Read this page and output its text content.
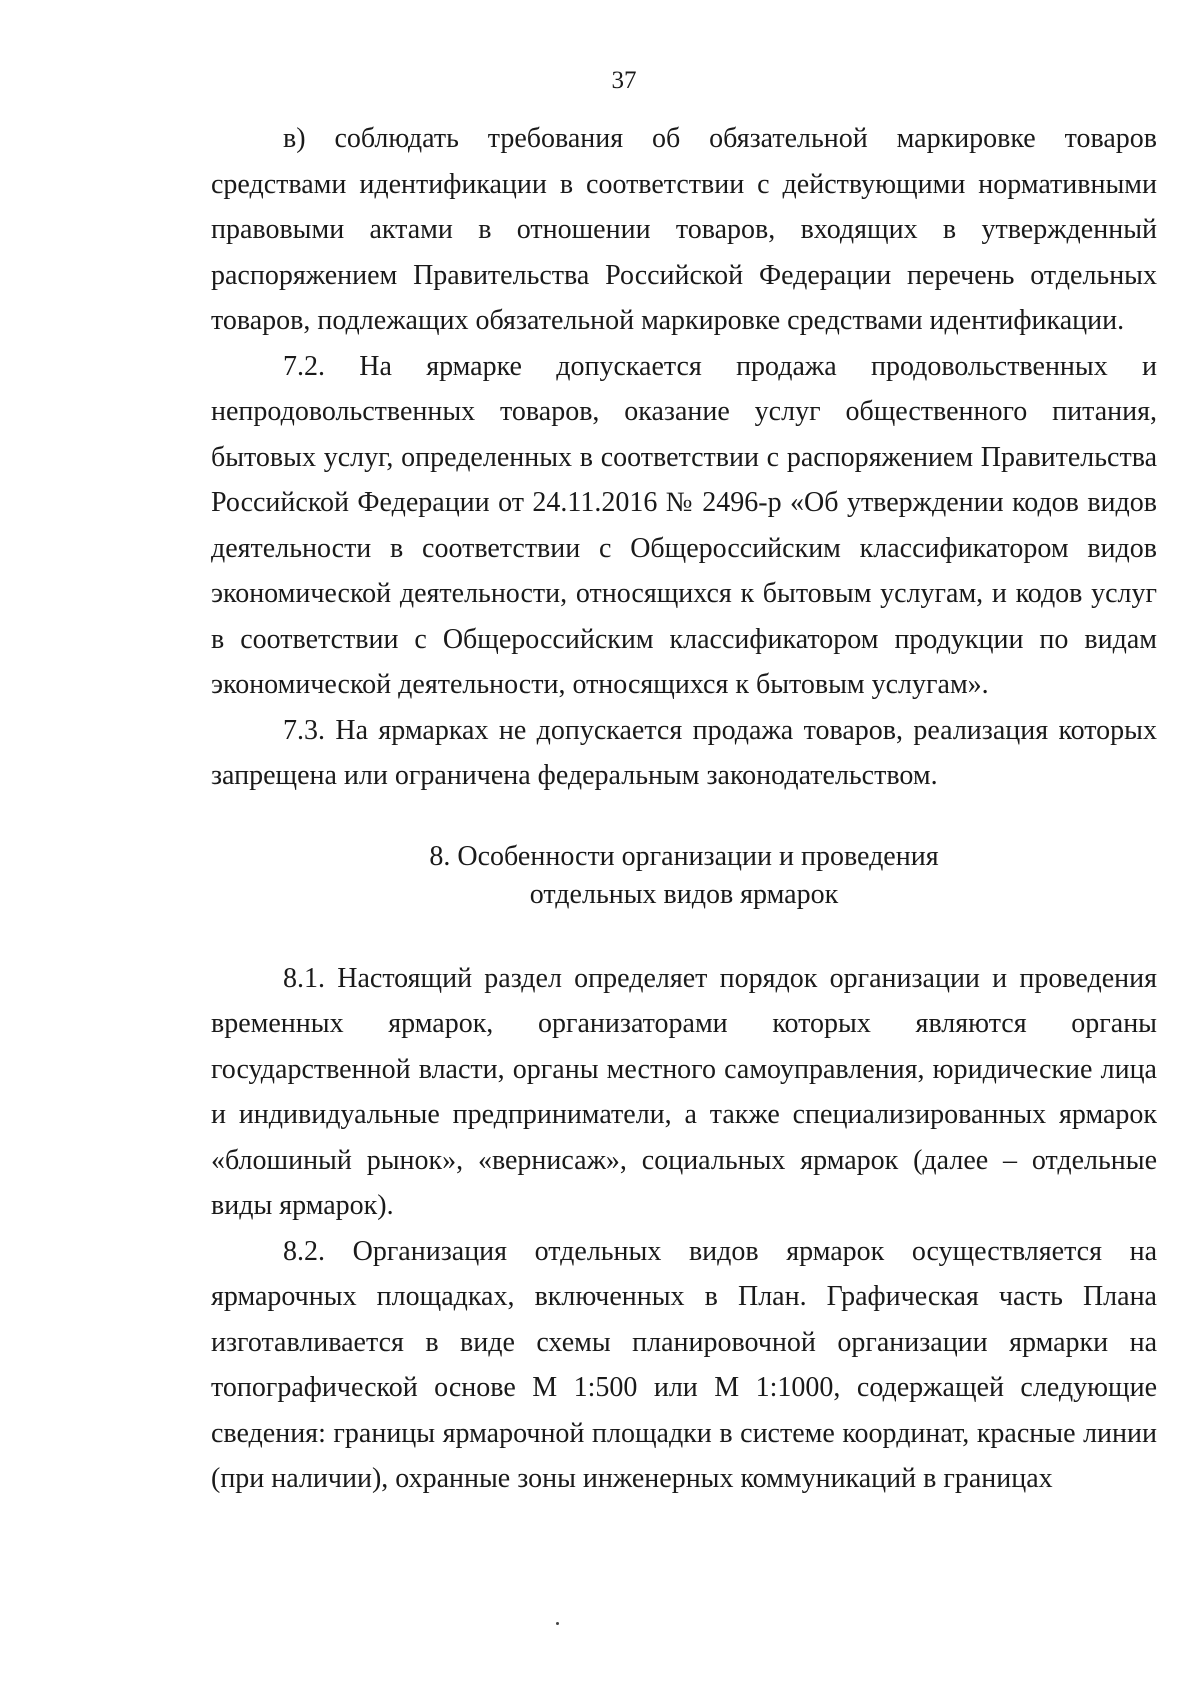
37

в) соблюдать требования об обязательной маркировке товаров средствами идентификации в соответствии с действующими нормативными правовыми актами в отношении товаров, входящих в утвержденный распоряжением Правительства Российской Федерации перечень отдельных товаров, подлежащих обязательной маркировке средствами идентификации.

7.2. На ярмарке допускается продажа продовольственных и непродовольственных товаров, оказание услуг общественного питания, бытовых услуг, определенных в соответствии с распоряжением Правительства Российской Федерации от 24.11.2016 № 2496-р «Об утверждении кодов видов деятельности в соответствии с Общероссийским классификатором видов экономической деятельности, относящихся к бытовым услугам, и кодов услуг в соответствии с Общероссийским классификатором продукции по видам экономической деятельности, относящихся к бытовым услугам».

7.3. На ярмарках не допускается продажа товаров, реализация которых запрещена или ограничена федеральным законодательством.

8. Особенности организации и проведения
отдельных видов ярмарок

8.1. Настоящий раздел определяет порядок организации и проведения временных ярмарок, организаторами которых являются органы государственной власти, органы местного самоуправления, юридические лица и индивидуальные предприниматели, а также специализированных ярмарок «блошиный рынок», «вернисаж», социальных ярмарок (далее – отдельные виды ярмарок).

8.2. Организация отдельных видов ярмарок осуществляется на ярмарочных площадках, включенных в План. Графическая часть Плана изготавливается в виде схемы планировочной организации ярмарки на топографической основе М 1:500 или М 1:1000, содержащей следующие сведения: границы ярмарочной площадки в системе координат, красные линии (при наличии), охранные зоны инженерных коммуникаций в границах
